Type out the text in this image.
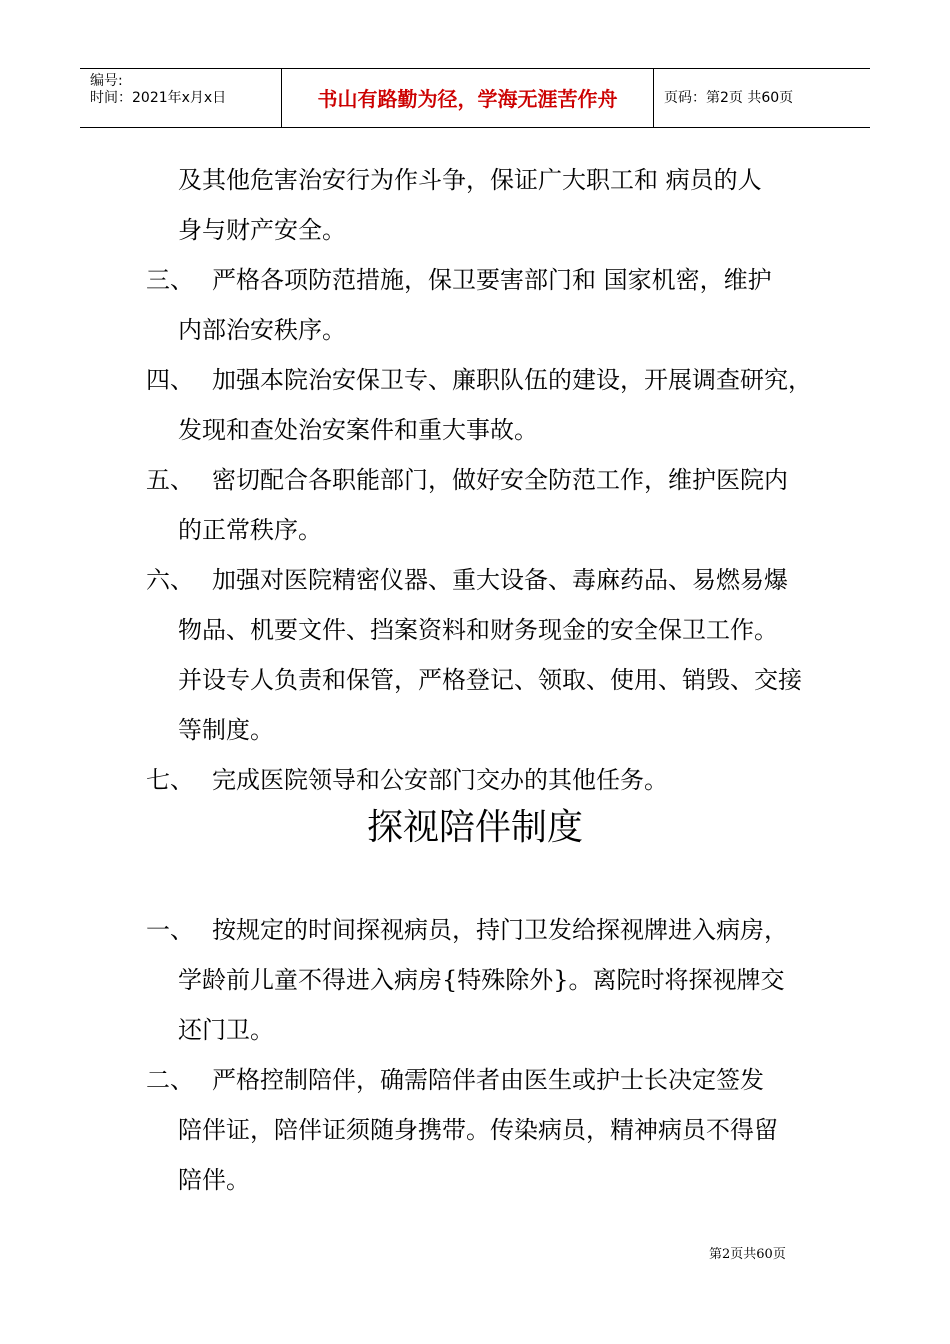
编号:
时间：2021年x月x日	书山有路勤为径，学海无涯苦作舟	页码：第2页 共60页
及其他危害治安行为作斗争，保证广大职工和 病员的人
身与财产安全。
三、 严格各项防范措施，保卫要害部门和 国家机密，维护
内部治安秩序。
四、 加强本院治安保卫专、廉职队伍的建设，开展调查研究，
发现和查处治安案件和重大事故。
五、 密切配合各职能部门，做好安全防范工作，维护医院内
的正常秩序。
六、 加强对医院精密仪器、重大设备、毒麻药品、易燃易爆
物品、机要文件、挡案资料和财务现金的安全保卫工作。
并设专人负责和保管，严格登记、领取、使用、销毁、交接
等制度。
七、 完成医院领导和公安部门交办的其他任务。
探视陪伴制度
一、 按规定的时间探视病员，持门卫发给探视牌进入病房，
学龄前儿童不得进入病房{特殊除外}。离院时将探视牌交
还门卫。
二、 严格控制陪伴，确需陪伴者由医生或护士长决定签发
陪伴证，陪伴证须随身携带。传染病员，精神病员不得留
陪伴。
第2页共60页
